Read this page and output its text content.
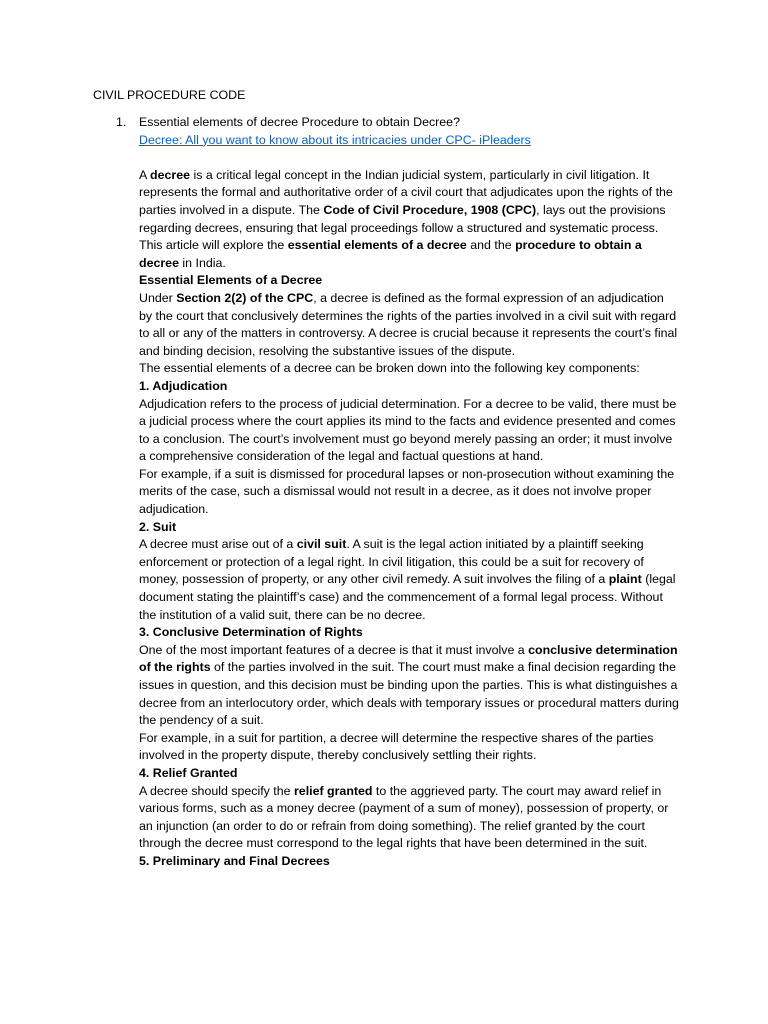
CIVIL PROCEDURE CODE
1. Essential elements of decree Procedure to obtain Decree?

Decree: All you want to know about its intricacies under CPC- iPleaders

A decree is a critical legal concept in the Indian judicial system, particularly in civil litigation. It represents the formal and authoritative order of a civil court that adjudicates upon the rights of the parties involved in a dispute. The Code of Civil Procedure, 1908 (CPC), lays out the provisions regarding decrees, ensuring that legal proceedings follow a structured and systematic process. This article will explore the essential elements of a decree and the procedure to obtain a decree in India.

Essential Elements of a Decree

Under Section 2(2) of the CPC, a decree is defined as the formal expression of an adjudication by the court that conclusively determines the rights of the parties involved in a civil suit with regard to all or any of the matters in controversy. A decree is crucial because it represents the court’s final and binding decision, resolving the substantive issues of the dispute.

The essential elements of a decree can be broken down into the following key components:

1. Adjudication

Adjudication refers to the process of judicial determination. For a decree to be valid, there must be a judicial process where the court applies its mind to the facts and evidence presented and comes to a conclusion. The court’s involvement must go beyond merely passing an order; it must involve a comprehensive consideration of the legal and factual questions at hand.

For example, if a suit is dismissed for procedural lapses or non-prosecution without examining the merits of the case, such a dismissal would not result in a decree, as it does not involve proper adjudication.

2. Suit

A decree must arise out of a civil suit. A suit is the legal action initiated by a plaintiff seeking enforcement or protection of a legal right. In civil litigation, this could be a suit for recovery of money, possession of property, or any other civil remedy. A suit involves the filing of a plaint (legal document stating the plaintiff’s case) and the commencement of a formal legal process. Without the institution of a valid suit, there can be no decree.

3. Conclusive Determination of Rights

One of the most important features of a decree is that it must involve a conclusive determination of the rights of the parties involved in the suit. The court must make a final decision regarding the issues in question, and this decision must be binding upon the parties. This is what distinguishes a decree from an interlocutory order, which deals with temporary issues or procedural matters during the pendency of a suit.

For example, in a suit for partition, a decree will determine the respective shares of the parties involved in the property dispute, thereby conclusively settling their rights.

4. Relief Granted

A decree should specify the relief granted to the aggrieved party. The court may award relief in various forms, such as a money decree (payment of a sum of money), possession of property, or an injunction (an order to do or refrain from doing something). The relief granted by the court through the decree must correspond to the legal rights that have been determined in the suit.

5. Preliminary and Final Decrees
